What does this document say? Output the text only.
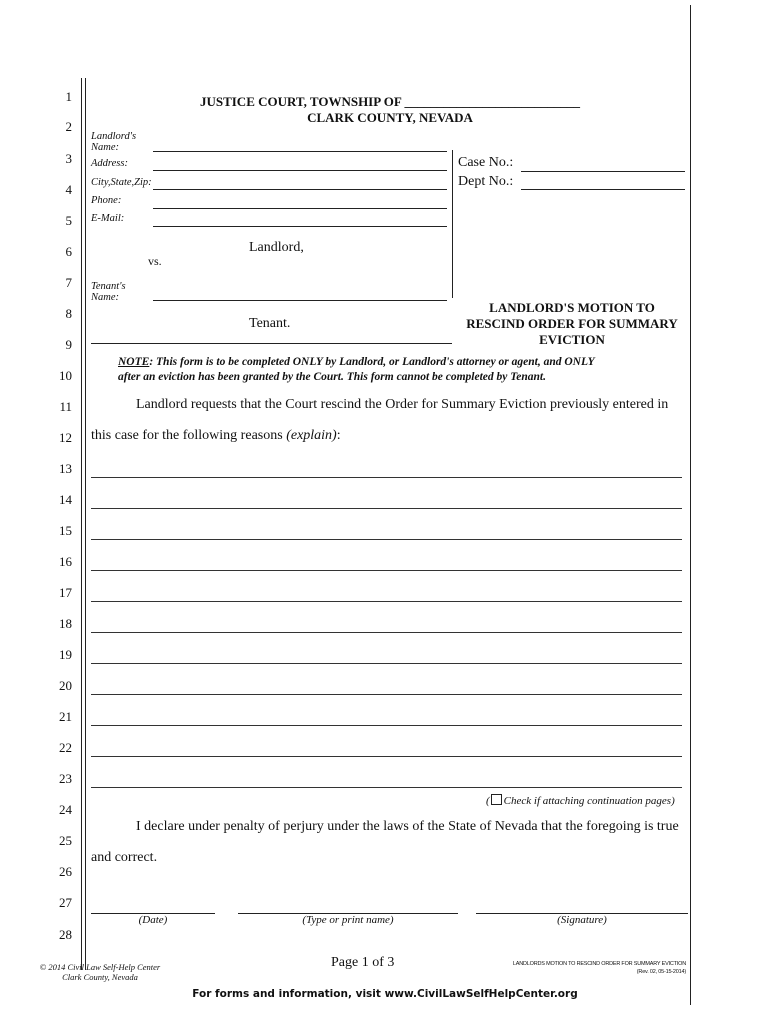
1
2
3
4
5
6
7
8
9
10
11
12
13
14
15
16
17
18
19
20
21
22
23
24
25
26
27
28
JUSTICE COURT, TOWNSHIP OF ___________________________
CLARK COUNTY, NEVADA
Landlord's Name:
Address:
City,State,Zip:
Phone:
E-Mail:
Landlord,
vs.
Tenant's Name:
Tenant.
Case No.:
Dept No.:
LANDLORD'S MOTION TO
RESCIND ORDER FOR SUMMARY
EVICTION
NOTE: This form is to be completed ONLY by Landlord, or Landlord's attorney or agent, and ONLY
after an eviction has been granted by the Court. This form cannot be completed by Tenant.
Landlord requests that the Court rescind the Order for Summary Eviction previously entered in
this case for the following reasons (explain):
( Check if attaching continuation pages)
I declare under penalty of perjury under the laws of the State of Nevada that the foregoing is true
and correct.
(Date)	(Type or print name)	(Signature)
© 2014 Civil Law Self-Help Center
Clark County, Nevada
Page 1 of 3	LANDLORDS MOTION TO RESCIND ORDER FOR SUMMARY EVICTION
(Rev. 02, 05-15-2014)
For forms and information, visit www.CivilLawSelfHelpCenter.org
